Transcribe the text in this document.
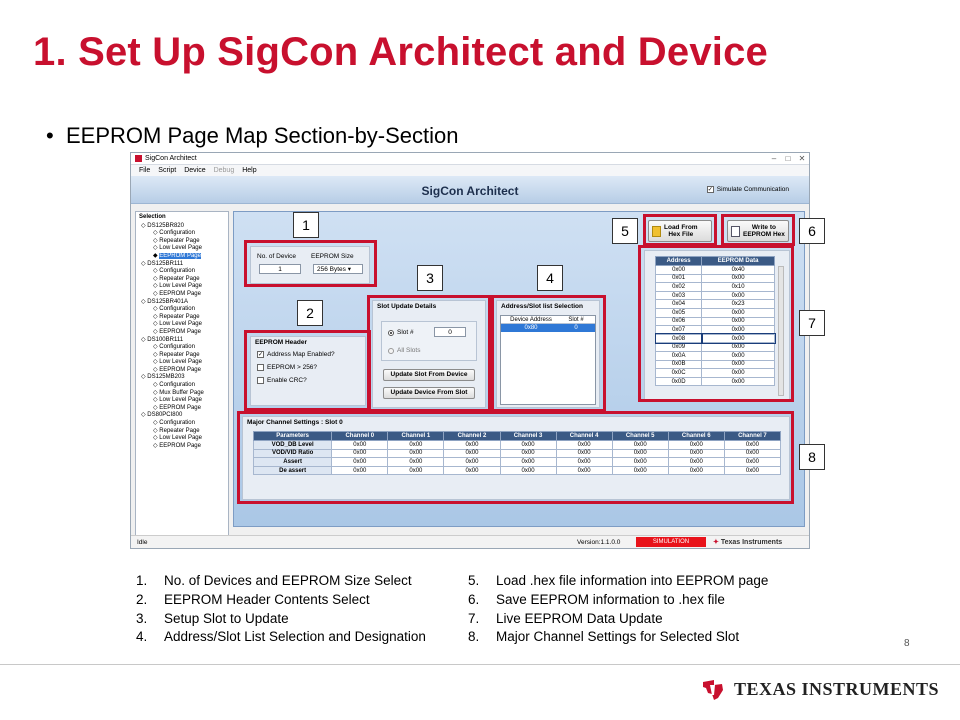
1. Set Up SigCon Architect and Device
• EEPROM Page Map Section-by-Section
SigCon Architect	–	□	✕
File Script Device Debug Help
SigCon Architect	✓ Simulate Communication
Selection
◇ DS125BR820
◇ Configuration
◇ Repeater Page
◇ Low Level Page
◆ EEPROM Page
◇ DS125BR111
◇ Configuration
◇ Repeater Page
◇ Low Level Page
◇ EEPROM Page
◇ DS125BR401A
◇ Configuration
◇ Repeater Page
◇ Low Level Page
◇ EEPROM Page
◇ DS100BR111
◇ Configuration
◇ Repeater Page
◇ Low Level Page
◇ EEPROM Page
◇ DS125MB203
◇ Configuration
◇ Mux Buffer Page
◇ Low Level Page
◇ EEPROM Page
◇ DS80PCI800
◇ Configuration
◇ Repeater Page
◇ Low Level Page
◇ EEPROM Page
No. of Device EEPROM Size
1	256 Bytes ▾
1
EEPROM Header
✓ Address Map Enabled?
EEPROM > 256?
Enable CRC?
2	Slot Update Details
Slot #	0
All Slots
Update Slot From Device
Update Device From Slot
3
Address/Slot list Selection
Device Address	Slot #
0x80	0
4
Load From
Hex File
5	Write to
EEPROM Hex	6
Address	EEPROM Data
0x00	0x40
0x01	0x00
0x02	0x10
0x03	0x00
0x04	0x23
0x05	0x00
0x06	0x00
0x07	0x00
0x08	0x00
0x09	0x00
0x0A	0x00
0x0B	0x00
0x0C	0x00
0x0D	0x00
7
Major Channel Settings : Slot 0
Parameters	Channel 0	Channel 1	Channel 2	Channel 3	Channel 4	Channel 5	Channel 6	Channel 7
VOD_DB Level	0x00	0x00	0x00	0x00	0x00	0x00	0x00	0x00
VOD/VID Ratio	0x00	0x00	0x00	0x00	0x00	0x00	0x00	0x00
Assert	0x00	0x00	0x00	0x00	0x00	0x00	0x00	0x00
De assert	0x00	0x00	0x00	0x00	0x00	0x00	0x00	0x00
8
Idle	Version:1.1.0.0	SIMULATION	✦ Texas Instruments
1. No. of Devices and EEPROM Size Select
2. EEPROM Header Contents Select
3. Setup Slot to Update
4. Address/Slot List Selection and Designation
5. Load .hex file information into EEPROM page
6. Save EEPROM information to .hex file
7. Live EEPROM Data Update
8. Major Channel Settings for Selected Slot	8
TEXAS INSTRUMENTS
